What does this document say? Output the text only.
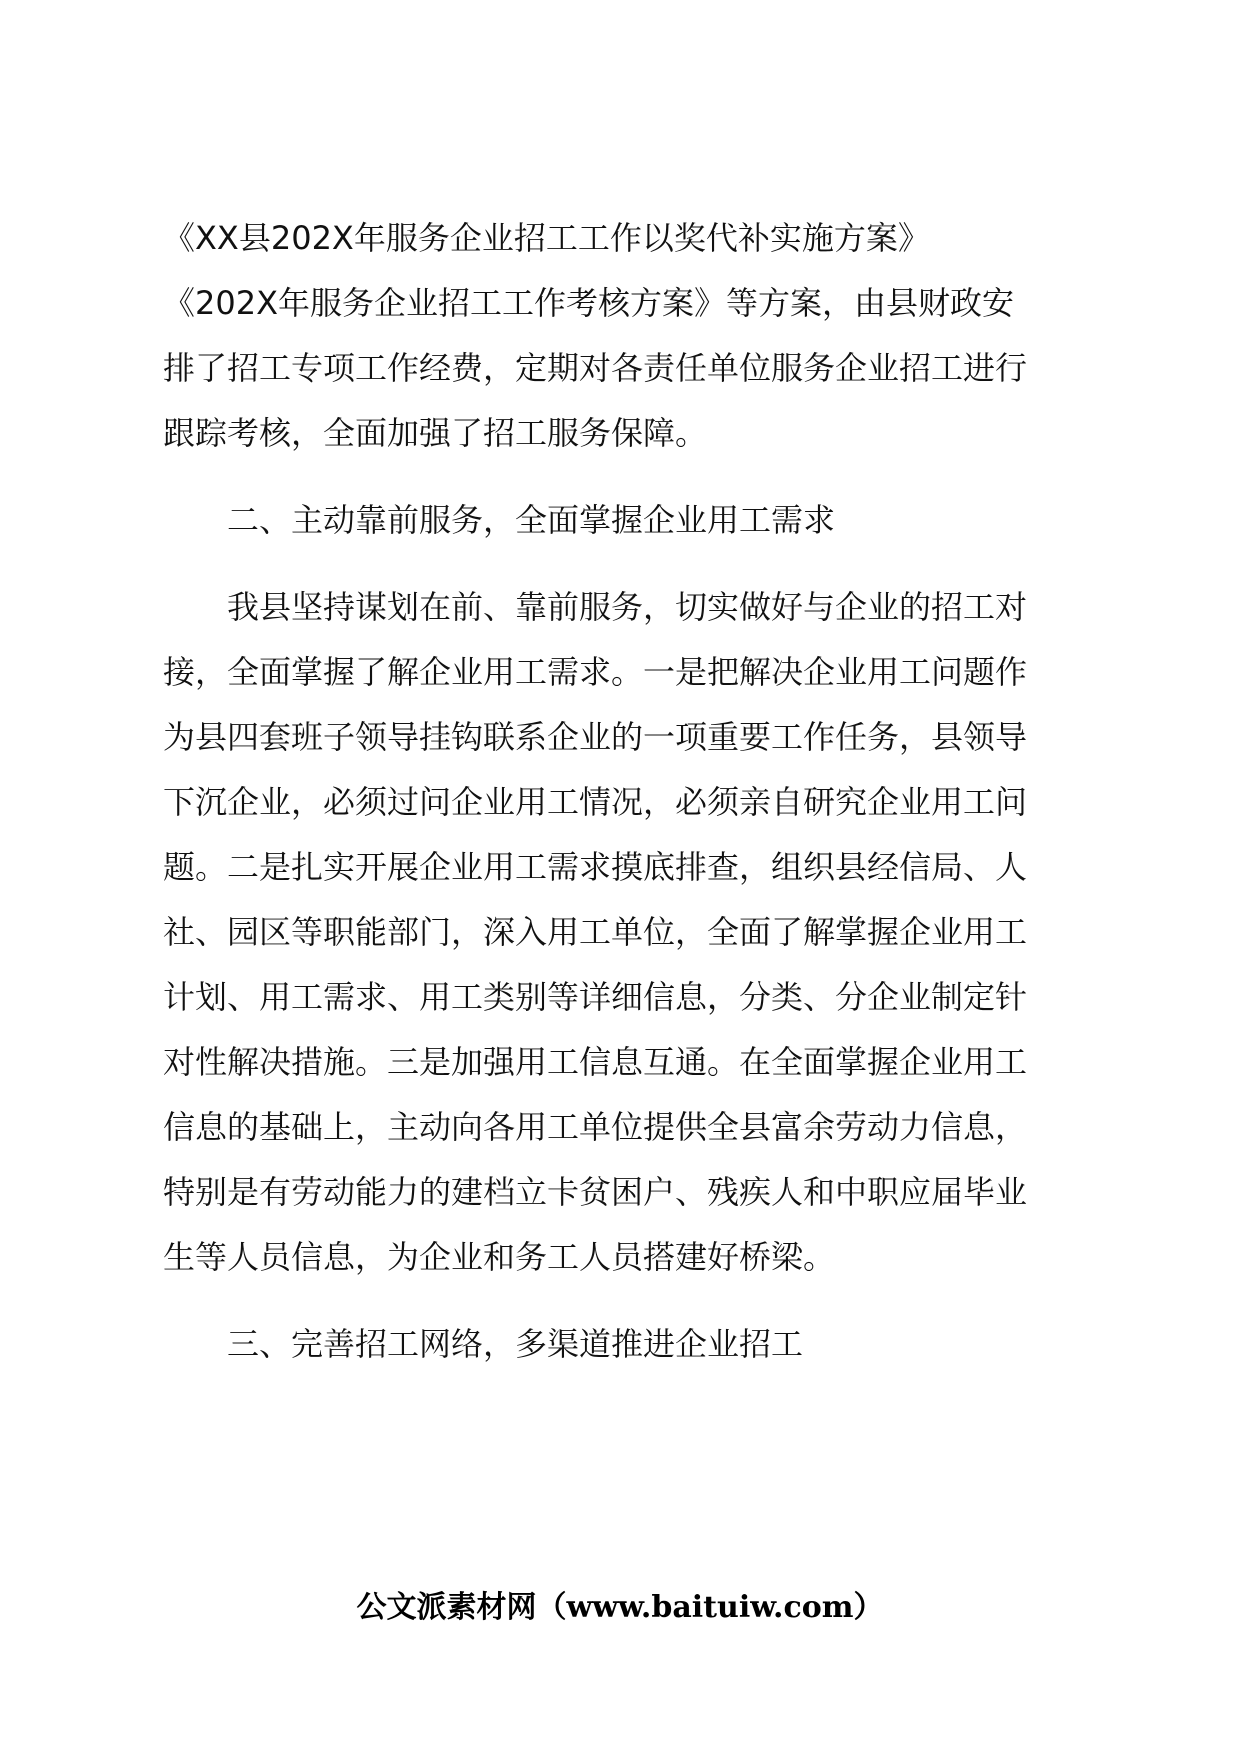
《XX县202X年服务企业招工工作以奖代补实施方案》
《202X年服务企业招工工作考核方案》等方案，由县财政安
排了招工专项工作经费，定期对各责任单位服务企业招工进行
跟踪考核，全面加强了招工服务保障。
二、主动靠前服务，全面掌握企业用工需求
我县坚持谋划在前、靠前服务，切实做好与企业的招工对
接，全面掌握了解企业用工需求。一是把解决企业用工问题作
为县四套班子领导挂钩联系企业的一项重要工作任务，县领导
下沉企业，必须过问企业用工情况，必须亲自研究企业用工问
题。二是扎实开展企业用工需求摸底排查，组织县经信局、人
社、园区等职能部门，深入用工单位，全面了解掌握企业用工
计划、用工需求、用工类别等详细信息，分类、分企业制定针
对性解决措施。三是加强用工信息互通。在全面掌握企业用工
信息的基础上，主动向各用工单位提供全县富余劳动力信息，
特别是有劳动能力的建档立卡贫困户、残疾人和中职应届毕业
生等人员信息，为企业和务工人员搭建好桥梁。
三、完善招工网络，多渠道推进企业招工
公文派素材网（www.baituiw.com）
